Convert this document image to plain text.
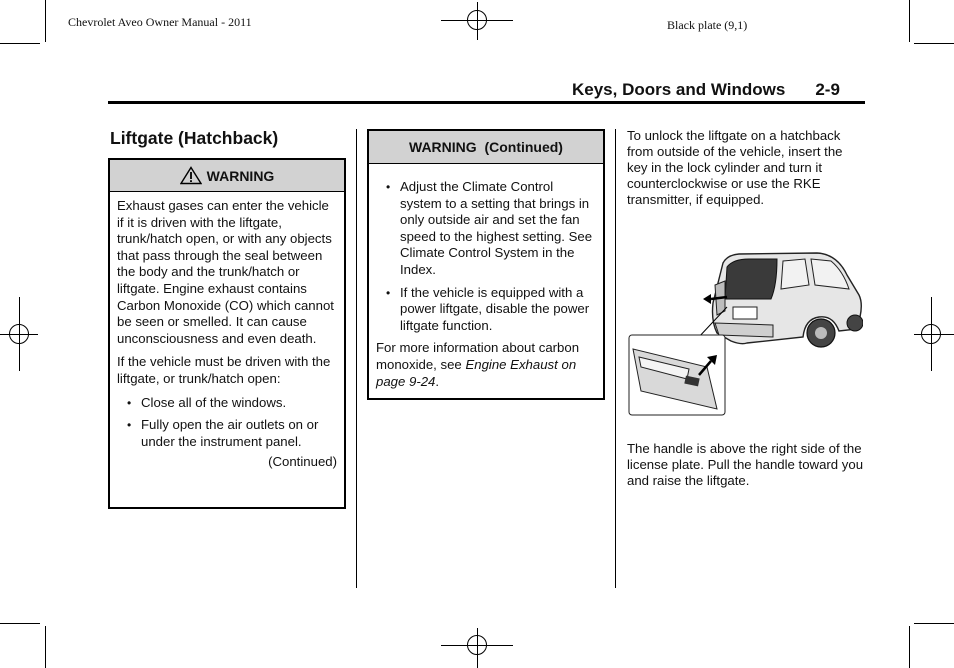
Chevrolet Aveo Owner Manual - 2011	Black plate (9,1)
Keys, Doors and Windows 2-9
Liftgate (Hatchback)
WARNING

Exhaust gases can enter the vehicle if it is driven with the liftgate, trunk/hatch open, or with any objects that pass through the seal between the body and the trunk/hatch or liftgate. Engine exhaust contains Carbon Monoxide (CO) which cannot be seen or smelled. It can cause unconsciousness and even death.

If the vehicle must be driven with the liftgate, or trunk/hatch open:

• Close all of the windows.
• Fully open the air outlets on or under the instrument panel.
(Continued)
WARNING  (Continued)
• Adjust the Climate Control system to a setting that brings in only outside air and set the fan speed to the highest setting. See Climate Control System in the Index.
• If the vehicle is equipped with a power liftgate, disable the power liftgate function.

For more information about carbon monoxide, see Engine Exhaust on page 9-24.

To unlock the liftgate on a hatchback from outside of the vehicle, insert the key in the lock cylinder and turn it counterclockwise or use the RKE transmitter, if equipped.

The handle is above the right side of the license plate. Pull the handle toward you and raise the liftgate.
